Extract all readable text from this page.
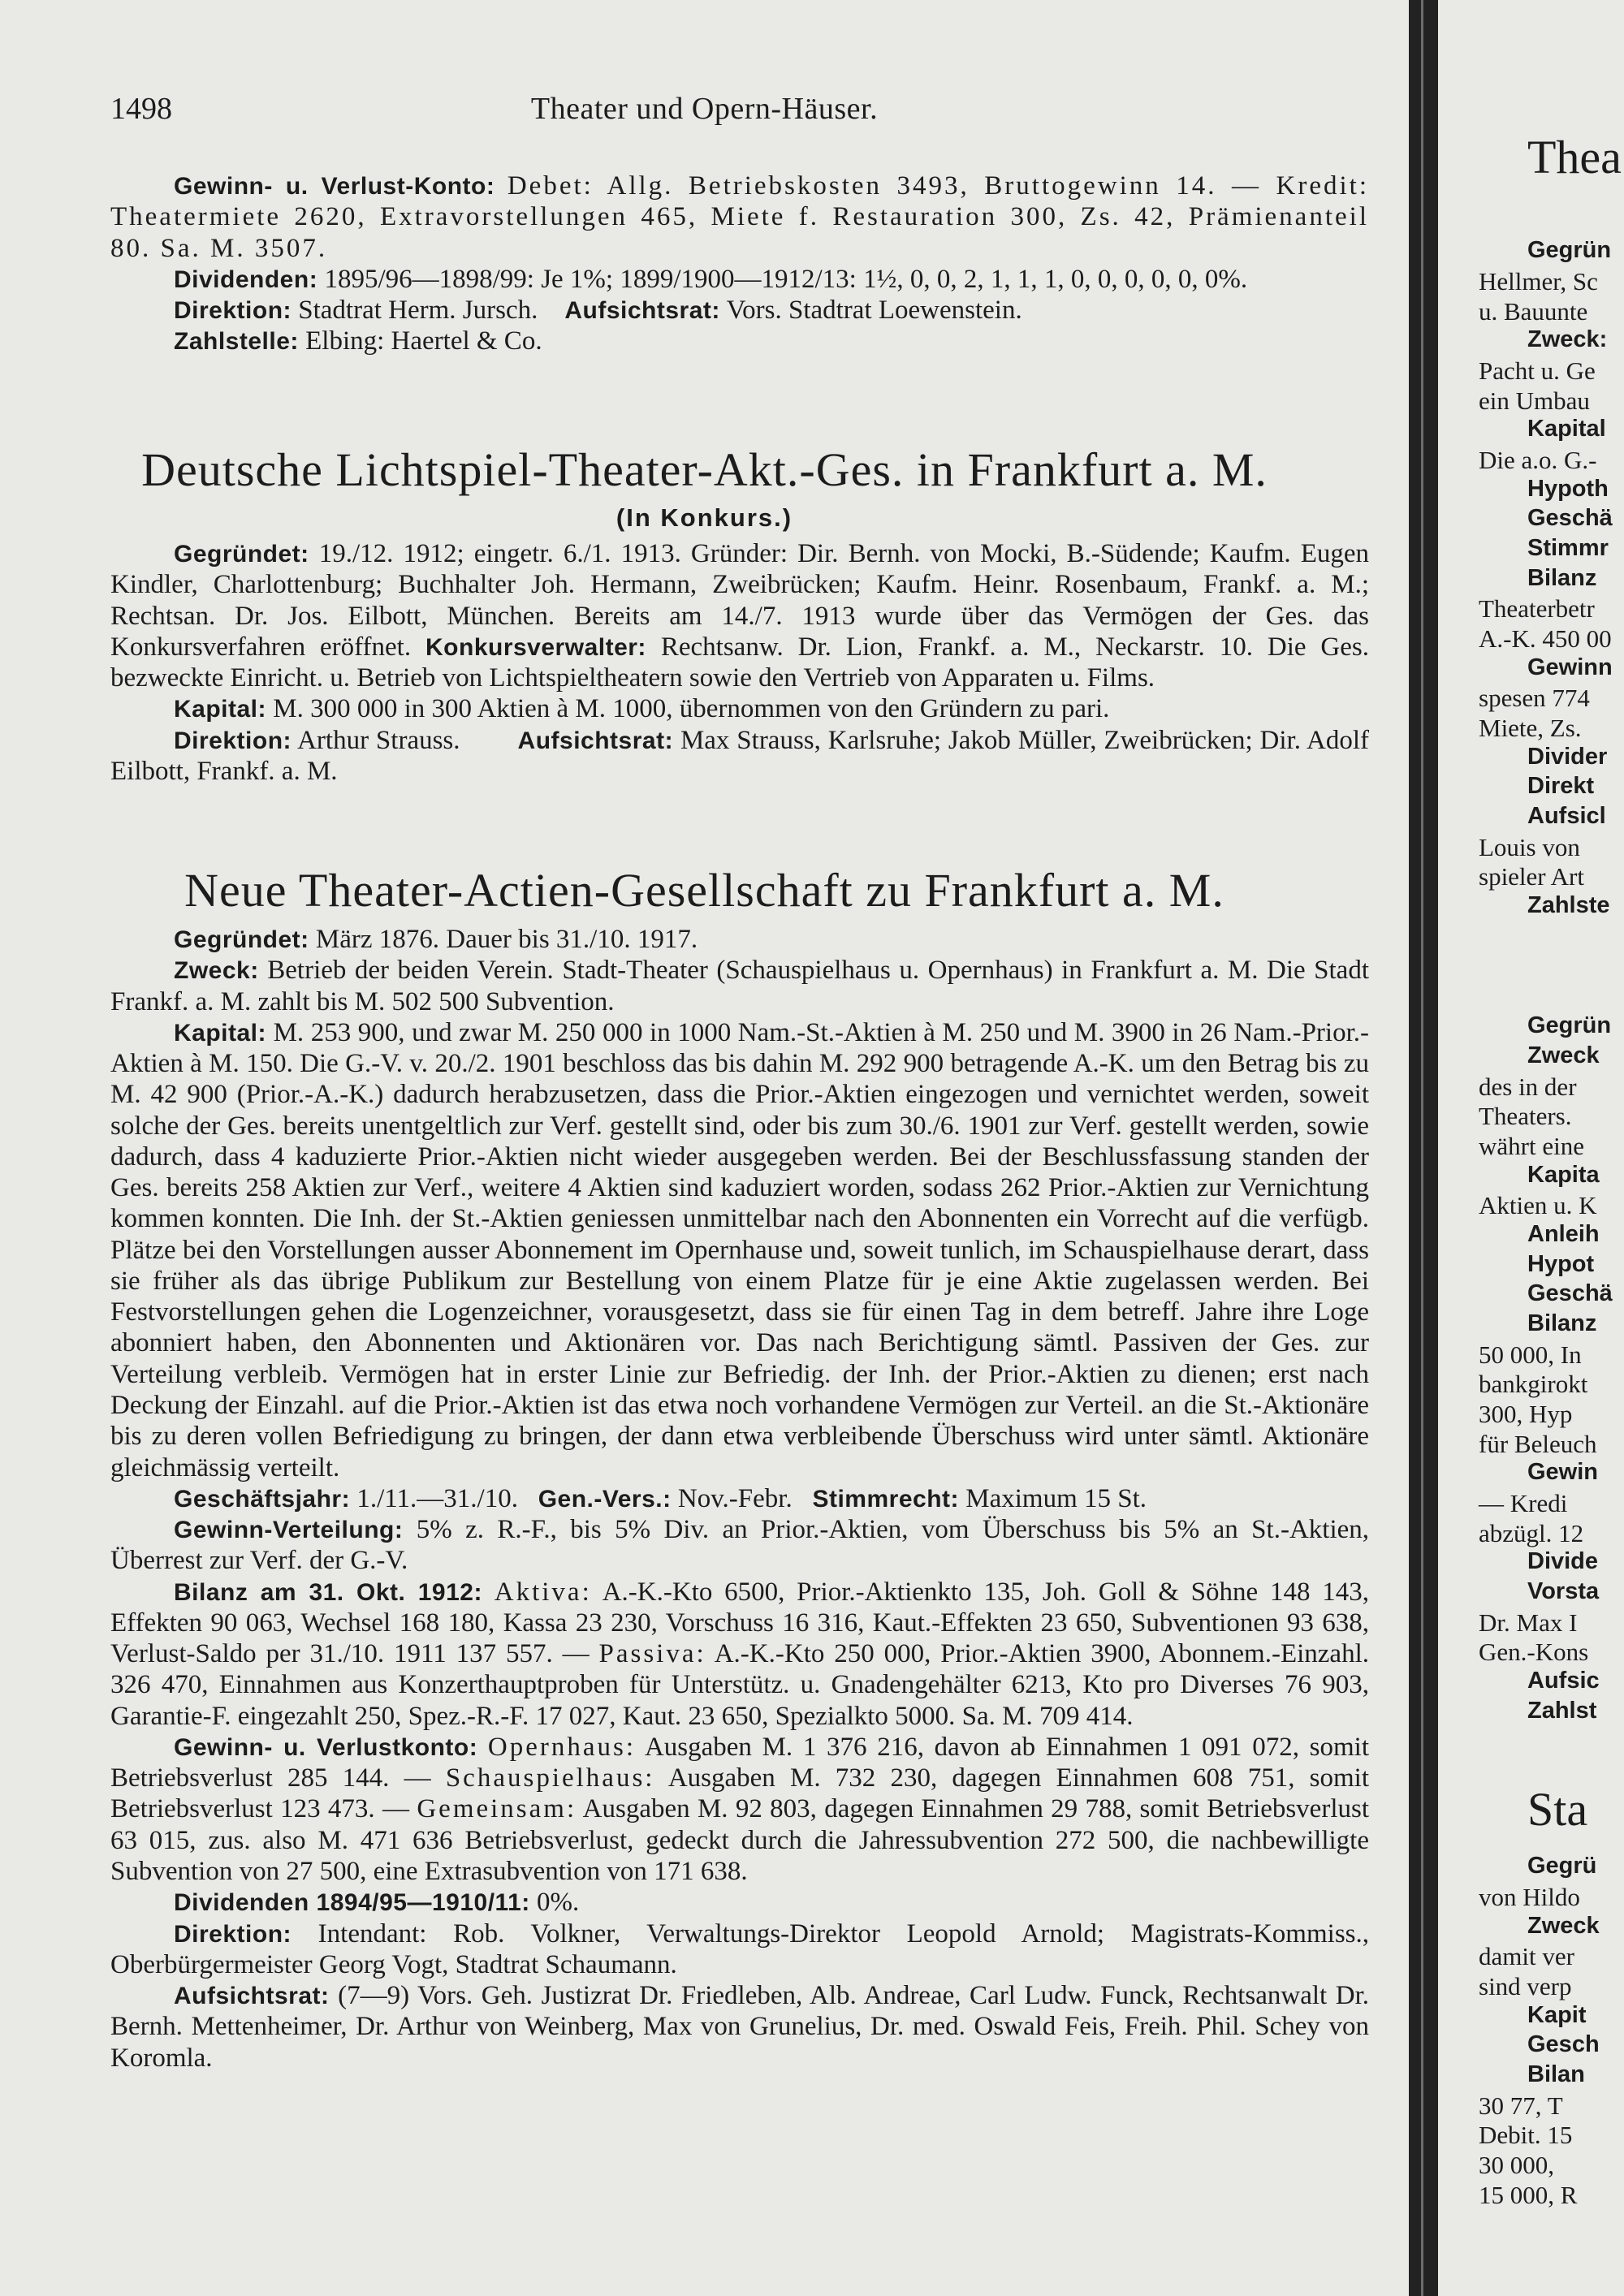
1498	Theater und Opern-Häuser.

Gewinn- u. Verlust-Konto: Debet: Allg. Betriebskosten 3493, Bruttogewinn 14. — Kredit: Theatermiete 2620, Extravorstellungen 465, Miete f. Restauration 300, Zs. 42, Prämienanteil 80. Sa. M. 3507.

Dividenden: 1895/96—1898/99: Je 1%; 1899/1900—1912/13: 1½, 0, 0, 2, 1, 1, 1, 0, 0, 0, 0, 0, 0%.

Direktion: Stadtrat Herm. Jursch. Aufsichtsrat: Vors. Stadtrat Loewenstein.

Zahlstelle: Elbing: Haertel & Co.

Deutsche Lichtspiel-Theater-Akt.-Ges. in Frankfurt a. M.
(In Konkurs.)

Gegründet: 19./12. 1912; eingetr. 6./1. 1913. Gründer: Dir. Bernh. von Mocki, B.-Südende; Kaufm. Eugen Kindler, Charlottenburg; Buchhalter Joh. Hermann, Zweibrücken; Kaufm. Heinr. Rosenbaum, Frankf. a. M.; Rechtsan. Dr. Jos. Eilbott, München. Bereits am 14./7. 1913 wurde über das Vermögen der Ges. das Konkursverfahren eröffnet. Konkursverwalter: Rechtsanw. Dr. Lion, Frankf. a. M., Neckarstr. 10. Die Ges. bezweckte Einricht. u. Betrieb von Lichtspieltheatern sowie den Vertrieb von Apparaten u. Films.

Kapital: M. 300 000 in 300 Aktien à M. 1000, übernommen von den Gründern zu pari.

Direktion: Arthur Strauss. Aufsichtsrat: Max Strauss, Karlsruhe; Jakob Müller, Zweibrücken; Dir. Adolf Eilbott, Frankf. a. M.

Neue Theater-Actien-Gesellschaft zu Frankfurt a. M.

Gegründet: März 1876. Dauer bis 31./10. 1917.

Zweck: Betrieb der beiden Verein. Stadt-Theater (Schauspielhaus u. Opernhaus) in Frankfurt a. M. Die Stadt Frankf. a. M. zahlt bis M. 502 500 Subvention.

Kapital: M. 253 900, und zwar M. 250 000 in 1000 Nam.-St.-Aktien à M. 250 und M. 3900 in 26 Nam.-Prior.-Aktien à M. 150. Die G.-V. v. 20./2. 1901 beschloss das bis dahin M. 292 900 betragende A.-K. um den Betrag bis zu M. 42 900 (Prior.-A.-K.) dadurch herabzusetzen, dass die Prior.-Aktien eingezogen und vernichtet werden, soweit solche der Ges. bereits unentgeltlich zur Verf. gestellt sind, oder bis zum 30./6. 1901 zur Verf. gestellt werden, sowie dadurch, dass 4 kaduzierte Prior.-Aktien nicht wieder ausgegeben werden. Bei der Beschlussfassung standen der Ges. bereits 258 Aktien zur Verf., weitere 4 Aktien sind kaduziert worden, sodass 262 Prior.-Aktien zur Vernichtung kommen konnten. Die Inh. der St.-Aktien geniessen unmittelbar nach den Abonnenten ein Vorrecht auf die verfügb. Plätze bei den Vorstellungen ausser Abonnement im Opernhause und, soweit tunlich, im Schauspielhause derart, dass sie früher als das übrige Publikum zur Bestellung von einem Platze für je eine Aktie zugelassen werden. Bei Festvorstellungen gehen die Logenzeichner, vorausgesetzt, dass sie für einen Tag in dem betreff. Jahre ihre Loge abonniert haben, den Abonnenten und Aktionären vor. Das nach Berichtigung sämtl. Passiven der Ges. zur Verteilung verbleib. Vermögen hat in erster Linie zur Befriedig. der Inh. der Prior.-Aktien zu dienen; erst nach Deckung der Einzahl. auf die Prior.-Aktien ist das etwa noch vorhandene Vermögen zur Verteil. an die St.-Aktionäre bis zu deren vollen Befriedigung zu bringen, der dann etwa verbleibende Überschuss wird unter sämtl. Aktionäre gleichmässig verteilt.

Geschäftsjahr: 1./11.—31./10. Gen.-Vers.: Nov.-Febr. Stimmrecht: Maximum 15 St.

Gewinn-Verteilung: 5% z. R.-F., bis 5% Div. an Prior.-Aktien, vom Überschuss bis 5% an St.-Aktien, Überrest zur Verf. der G.-V.

Bilanz am 31. Okt. 1912: Aktiva: A.-K.-Kto 6500, Prior.-Aktienkto 135, Joh. Goll & Söhne 148 143, Effekten 90 063, Wechsel 168 180, Kassa 23 230, Vorschuss 16 316, Kaut.-Effekten 23 650, Subventionen 93 638, Verlust-Saldo per 31./10. 1911 137 557. — Passiva: A.-K.-Kto 250 000, Prior.-Aktien 3900, Abonnem.-Einzahl. 326 470, Einnahmen aus Konzerthauptproben für Unterstütz. u. Gnadengehälter 6213, Kto pro Diverses 76 903, Garantie-F. eingezahlt 250, Spez.-R.-F. 17 027, Kaut. 23 650, Spezialkto 5000. Sa. M. 709 414.

Gewinn- u. Verlustkonto: Opernhaus: Ausgaben M. 1 376 216, davon ab Einnahmen 1 091 072, somit Betriebsverlust 285 144. — Schauspielhaus: Ausgaben M. 732 230, dagegen Einnahmen 608 751, somit Betriebsverlust 123 473. — Gemeinsam: Ausgaben M. 92 803, dagegen Einnahmen 29 788, somit Betriebsverlust 63 015, zus. also M. 471 636 Betriebsverlust, gedeckt durch die Jahressubvention 272 500, die nachbewilligte Subvention von 27 500, eine Extrasubvention von 171 638.

Dividenden 1894/95—1910/11: 0%.

Direktion: Intendant: Rob. Volkner, Verwaltungs-Direktor Leopold Arnold; Magistrats-Kommiss., Oberbürgermeister Georg Vogt, Stadtrat Schaumann.

Aufsichtsrat: (7—9) Vors. Geh. Justizrat Dr. Friedleben, Alb. Andreae, Carl Ludw. Funck, Rechtsanwalt Dr. Bernh. Mettenheimer, Dr. Arthur von Weinberg, Max von Grunelius, Dr. med. Oswald Feis, Freih. Phil. Schey von Koromla.

Thea
Gegrün
Hellmer, Sc
u. Bauunte
Zweck:
Pacht u. Ge
ein Umbau
Kapital
Die a.o. G.-
Hypoth
Geschä
Stimmr
Bilanz
Theaterbetr
A.-K. 450 00
Gewinn
spesen 774
Miete, Zs.
Divider
Direkt
Aufsicl
Louis von
spieler Art
Zahlste
Gegrün
Zweck
des in der
Theaters.
währt eine
Kapita
Aktien u. K
Anleih
Hypot
Geschä
Bilanz
50 000, In
bankgirokt
300, Hyp
für Beleuch
Gewin
— Kredi
abzügl. 12
Divide
Vorsta
Dr. Max I
Gen.-Kons
Aufsic
Zahlst
Sta
Gegrü
von Hildo
Zweck
damit ver
sind verp
Kapit
Gesch
Bilan
30 77, T
Debit. 15
30 000,
15 000, R
